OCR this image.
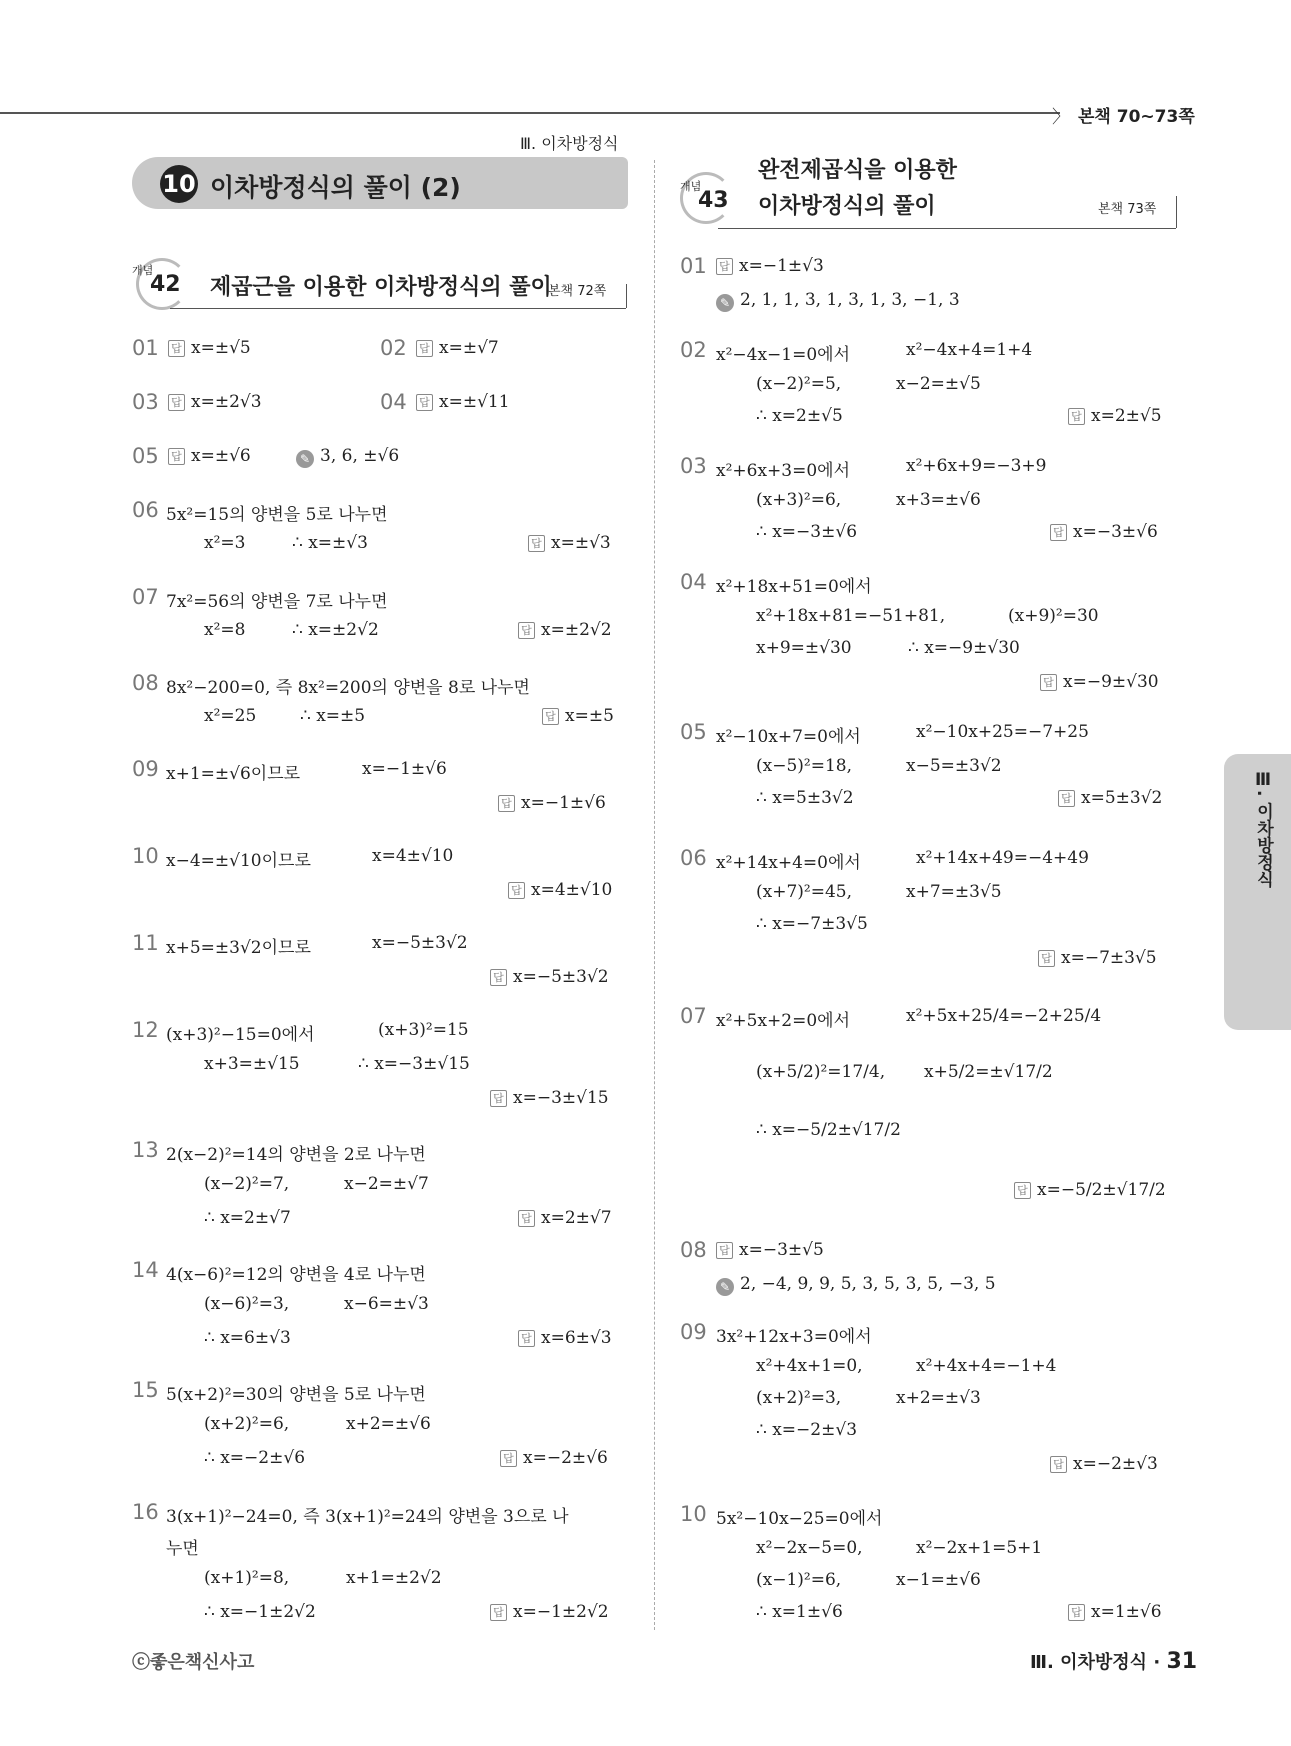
〉 본책 70~73쪽
Ⅲ. 이차방정식
10 이차방정식의 풀이 (2)
개념
42 제곱근을 이용한 이차방정식의 풀이
본책 72쪽
개념
43
완전제곱식을 이용한
이차방정식의 풀이	본책 73쪽
01 답 x=±√5	02 답 x=±√7
03 답 x=±2√3	04 답 x=±√11
05 답 x=±√6	✎ 3, 6, ±√6
06 5x²=15의 양변을 5로 나누면
x²=3	∴ x=±√3	답 x=±√3
07 7x²=56의 양변을 7로 나누면
x²=8	∴ x=±2√2	답 x=±2√2
08 8x²−200=0, 즉 8x²=200의 양변을 8로 나누면
x²=25	∴ x=±5	답 x=±5
09 x+1=±√6이므로	x=−1±√6
답 x=−1±√6
10 x−4=±√10이므로	x=4±√10
답 x=4±√10
11 x+5=±3√2이므로	x=−5±3√2
답 x=−5±3√2
12 (x+3)²−15=0에서	(x+3)²=15
x+3=±√15	∴ x=−3±√15
답 x=−3±√15
13 2(x−2)²=14의 양변을 2로 나누면
(x−2)²=7,	x−2=±√7
∴ x=2±√7	답 x=2±√7
14 4(x−6)²=12의 양변을 4로 나누면
(x−6)²=3,	x−6=±√3
∴ x=6±√3	답 x=6±√3
15 5(x+2)²=30의 양변을 5로 나누면
(x+2)²=6,	x+2=±√6
∴ x=−2±√6	답 x=−2±√6
16 3(x+1)²−24=0, 즉 3(x+1)²=24의 양변을 3으로 나
누면
(x+1)²=8,	x+1=±2√2
∴ x=−1±2√2	답 x=−1±2√2
01 답 x=−1±√3
✎ 2, 1, 1, 3, 1, 3, 1, 3, −1, 3
02 x²−4x−1=0에서	x²−4x+4=1+4
(x−2)²=5,	x−2=±√5
∴ x=2±√5	답 x=2±√5
03 x²+6x+3=0에서	x²+6x+9=−3+9
(x+3)²=6,	x+3=±√6
∴ x=−3±√6	답 x=−3±√6
04 x²+18x+51=0에서
x²+18x+81=−51+81,	(x+9)²=30
x+9=±√30	∴ x=−9±√30
답 x=−9±√30
05 x²−10x+7=0에서	x²−10x+25=−7+25
(x−5)²=18,	x−5=±3√2
∴ x=5±3√2	답 x=5±3√2
06 x²+14x+4=0에서	x²+14x+49=−4+49
(x+7)²=45,	x+7=±3√5
∴ x=−7±3√5
답 x=−7±3√5
07 x²+5x+2=0에서	x²+5x+25/4=−2+25/4
(x+5/2)²=17/4, x+5/2=±√17/2
∴ x=−5/2±√17/2
답 x=−5/2±√17/2
08 답 x=−3±√5
✎ 2, −4, 9, 9, 5, 3, 5, 3, 5, −3, 5
09 3x²+12x+3=0에서
x²+4x+1=0,	x²+4x+4=−1+4
(x+2)²=3,	x+2=±√3
∴ x=−2±√3
답 x=−2±√3
10 5x²−10x−25=0에서
x²−2x−5=0,	x²−2x+1=5+1
(x−1)²=6,	x−1=±√6
∴ x=1±√6	답 x=1±√6
Ⅲ. 이차방정식
ⓒ좋은책신사고	Ⅲ. 이차방정식 · 31
